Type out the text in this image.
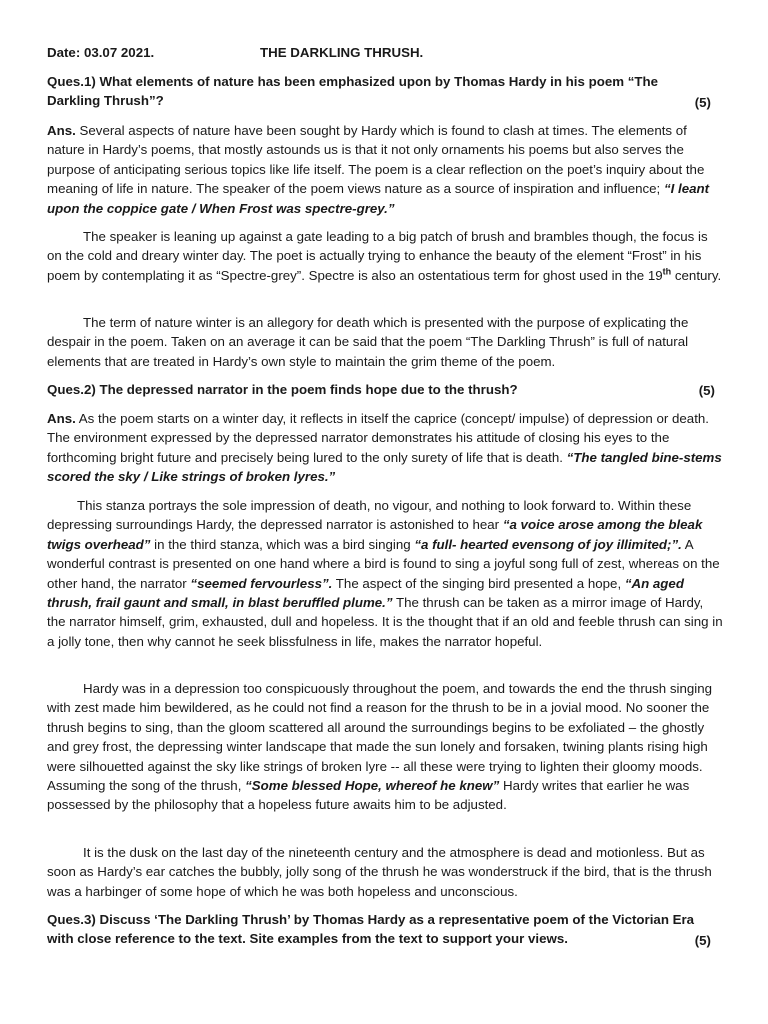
Date: 03.07 2021.	THE DARKLING THRUSH.
Ques.1) What elements of nature has been emphasized upon by Thomas Hardy in his poem “The Darkling Thrush”?	(5)

Ans. Several aspects of nature have been sought by Hardy which is found to clash at times. The elements of nature in Hardy’s poems, that mostly astounds us is that it not only ornaments his poems but also serves the purpose of anticipating serious topics like life itself. The poem is a clear reflection on the poet’s inquiry about the meaning of life in nature. The speaker of the poem views nature as a source of inspiration and influence; “I leant upon the coppice gate / When Frost was spectre-grey.”

The speaker is leaning up against a gate leading to a big patch of brush and brambles though, the focus is on the cold and dreary winter day. The poet is actually trying to enhance the beauty of the element “Frost” in his poem by contemplating it as “Spectre-grey”. Spectre is also an ostentatious term for ghost used in the 19th century.

The term of nature winter is an allegory for death which is presented with the purpose of explicating the despair in the poem. Taken on an average it can be said that the poem “The Darkling Thrush” is full of natural elements that are treated in Hardy’s own style to maintain the grim theme of the poem.

Ques.2) The depressed narrator in the poem finds hope due to the thrush?	(5)

Ans. As the poem starts on a winter day, it reflects in itself the caprice (concept/ impulse) of depression or death. The environment expressed by the depressed narrator demonstrates his attitude of closing his eyes to the forthcoming bright future and precisely being lured to the only surety of life that is death. “The tangled bine-stems scored the sky / Like strings of broken lyres.”

This stanza portrays the sole impression of death, no vigour, and nothing to look forward to. Within these depressing surroundings Hardy, the depressed narrator is astonished to hear “a voice arose among the bleak twigs overhead” in the third stanza, which was a bird singing “a full- hearted evensong of joy illimited;”. A wonderful contrast is presented on one hand where a bird is found to sing a joyful song full of zest, whereas on the other hand, the narrator “seemed fervourless”. The aspect of the singing bird presented a hope, “An aged thrush, frail gaunt and small, in blast beruffled plume.” The thrush can be taken as a mirror image of Hardy, the narrator himself, grim, exhausted, dull and hopeless. It is the thought that if an old and feeble thrush can sing in a jolly tone, then why cannot he seek blissfulness in life, makes the narrator hopeful.

Hardy was in a depression too conspicuously throughout the poem, and towards the end the thrush singing with zest made him bewildered, as he could not find a reason for the thrush to be in a jovial mood. No sooner the thrush begins to sing, than the gloom scattered all around the surroundings begins to be exfoliated – the ghostly and grey frost, the depressing winter landscape that made the sun lonely and forsaken, twining plants rising high were silhouetted against the sky like strings of broken lyre -- all these were trying to lighten their gloomy moods. Assuming the song of the thrush, “Some blessed Hope, whereof he knew” Hardy writes that earlier he was possessed by the philosophy that a hopeless future awaits him to be adjusted.

It is the dusk on the last day of the nineteenth century and the atmosphere is dead and motionless. But as soon as Hardy’s ear catches the bubbly, jolly song of the thrush he was wonderstruck if the bird, that is the thrush was a harbinger of some hope of which he was both hopeless and unconscious.

Ques.3) Discuss ‘The Darkling Thrush’ by Thomas Hardy as a representative poem of the Victorian Era with close reference to the text. Site examples from the text to support your views.	(5)
